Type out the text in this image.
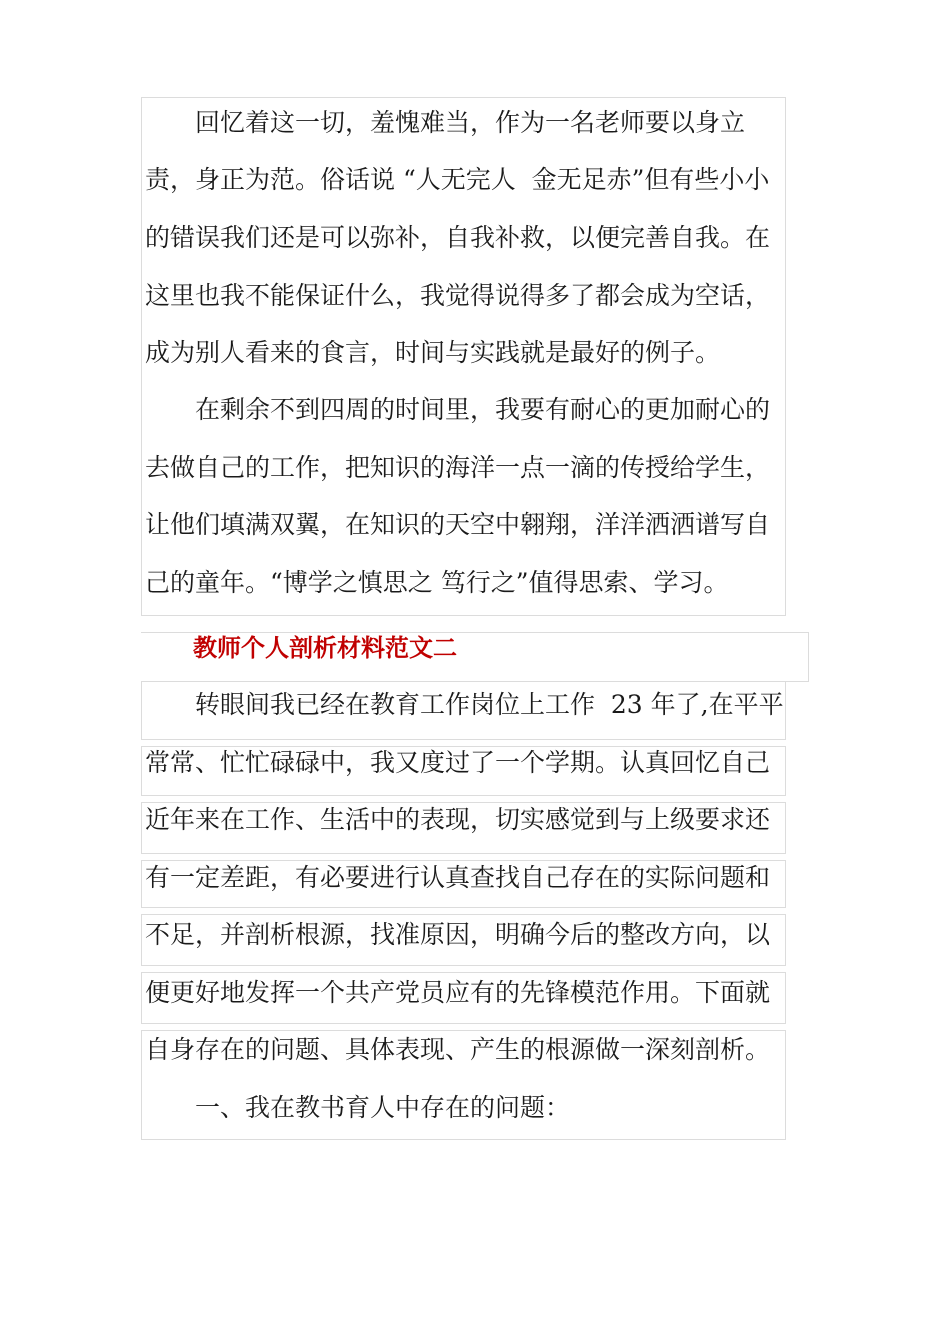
回忆着这一切，羞愧难当，作为一名老师要以身立
责，身正为范。俗话说 “人无完人  金无足赤”但有些小小
的错误我们还是可以弥补，自我补救，以便完善自我。在
这里也我不能保证什么，我觉得说得多了都会成为空话，
成为别人看来的食言，时间与实践就是最好的例子。
在剩余不到四周的时间里，我要有耐心的更加耐心的
去做自己的工作，把知识的海洋一点一滴的传授给学生，
让他们填满双翼，在知识的天空中翱翔，洋洋洒洒谱写自
己的童年。“博学之慎思之 笃行之”值得思索、学习。
教师个人剖析材料范文二
转眼间我已经在教育工作岗位上工作  23 年了,在平平
常常、忙忙碌碌中，我又度过了一个学期。认真回忆自己
近年来在工作、生活中的表现，切实感觉到与上级要求还
有一定差距，有必要进行认真查找自己存在的实际问题和
不足，并剖析根源，找准原因，明确今后的整改方向，以
便更好地发挥一个共产党员应有的先锋模范作用。下面就
自身存在的问题、具体表现、产生的根源做一深刻剖析。
一、我在教书育人中存在的问题：
